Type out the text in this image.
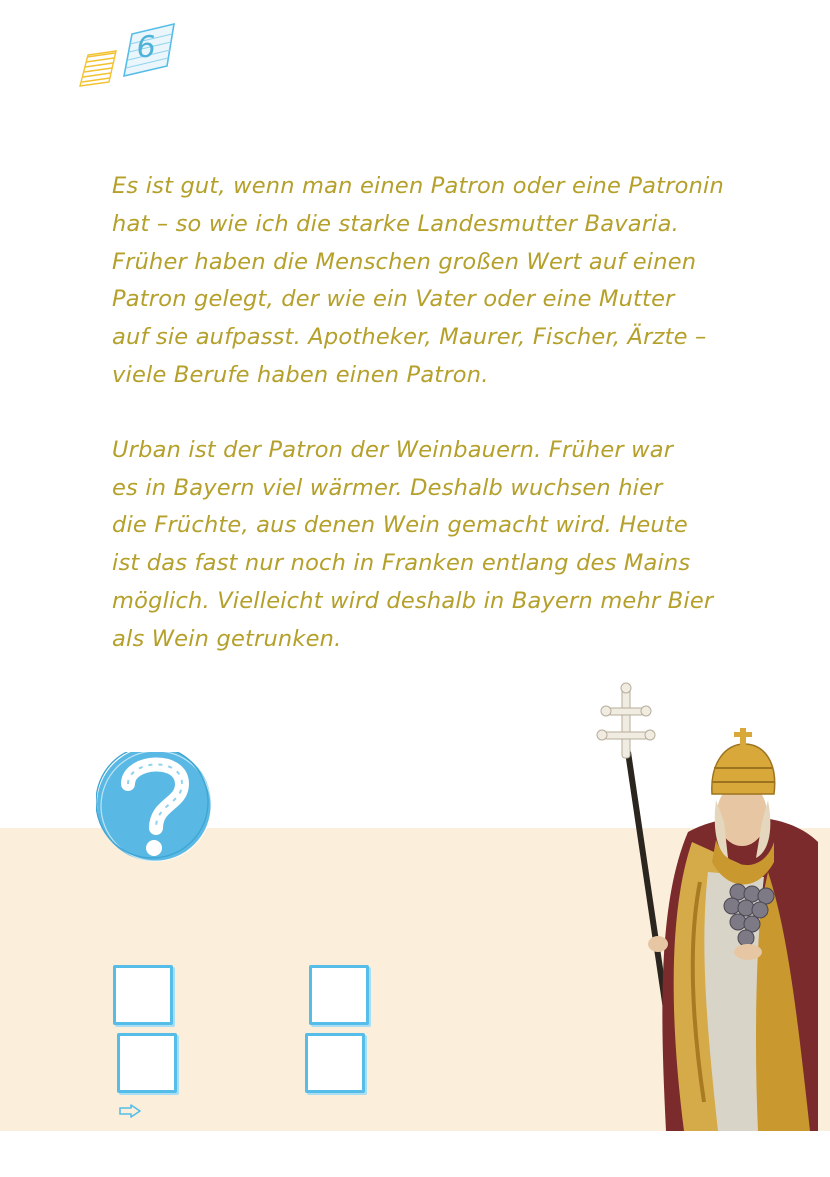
6

Es ist gut, wenn man einen Patron oder eine Patronin
hat – so wie ich die starke Landesmutter Bavaria.
Früher haben die Menschen großen Wert auf einen
Patron gelegt, der wie ein Vater oder eine Mutter
auf sie aufpasst. Apotheker, Maurer, Fischer, Ärzte –
viele Berufe haben einen Patron.

Urban ist der Patron der Weinbauern. Früher war
es in Bayern viel wärmer. Deshalb wuchsen hier
die Früchte, aus denen Wein gemacht wird. Heute
ist das fast nur noch in Franken entlang des Mains
möglich. Vielleicht wird deshalb in Bayern mehr Bier
als Wein getrunken.
